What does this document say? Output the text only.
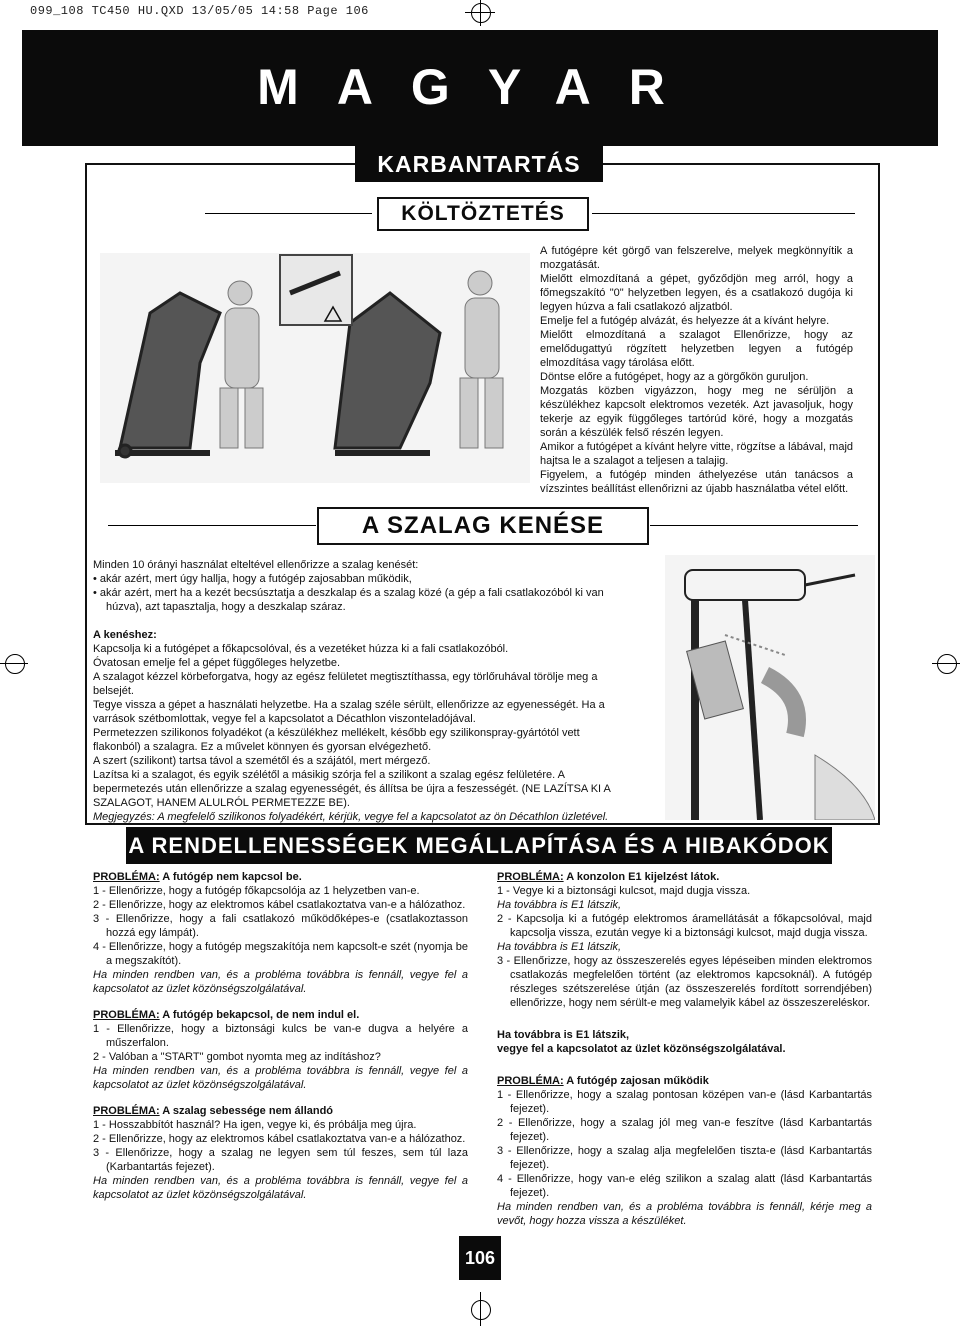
099_108 TC450 HU.QXD 13/05/05 14:58 Page 106
MAGYAR
KARBANTARTÁS
KÖLTÖZTETÉS

A futógépre két görgő van felszerelve, melyek megkönnyítik a mozgatását.

Mielőtt elmozdítaná a gépet, győződjön meg arról, hogy a főmegszakító "0" helyzetben legyen, és a csatlakozó dugója ki legyen húzva a fali csatlakozó aljzatból.

Emelje fel a futógép alvázát, és helyezze át a kívánt helyre.

Mielőtt elmozdítaná a szalagot Ellenőrizze, hogy az emelődugattyú rögzített helyzetben legyen a futógép elmozdítása vagy tárolása előtt.

Döntse előre a futógépet, hogy az a görgőkön guruljon.

Mozgatás közben vigyázzon, hogy meg ne sérüljön a készülékhez kapcsolt elektromos vezeték. Azt javasoljuk, hogy tekerje az egyik függőleges tartórúd köré, hogy a mozgatás során a készülék felső részén legyen.

Amikor a futógépet a kívánt helyre vitte, rögzítse a lábával, majd hajtsa le a szalagot a teljesen a talajig.

Figyelem, a futógép minden áthelyezése után tanácsos a vízszintes beállítást ellenőrizni az újabb használatba vétel előtt.

A SZALAG KENÉSE

Minden 10 órányi használat elteltével ellenőrizze a szalag kenését:

• akár azért, mert úgy hallja, hogy a futógép zajosabban működik,

• akár azért, mert ha a kezét becsúsztatja a deszkalap és a szalag közé (a gép a fali csatlakozóból ki van húzva), azt tapasztalja, hogy a deszkalap száraz.

A kenéshez:

Kapcsolja ki a futógépet a főkapcsolóval, és a vezetéket húzza ki a fali csatlakozóból.

Óvatosan emelje fel a gépet függőleges helyzetbe.

A szalagot kézzel körbeforgatva, hogy az egész felületet megtisztíthassa, egy törlőruhával törölje meg a belsejét.

Tegye vissza a gépet a használati helyzetbe. Ha a szalag széle sérült, ellenőrizze az egyenességét. Ha a varrások szétbomlottak, vegye fel a kapcsolatot a Décathlon viszonteladójával.

Permetezzen szilikonos folyadékot (a készülékhez mellékelt, később egy szilikonspray-gyártótól vett flakonból) a szalagra. Ez a művelet könnyen és gyorsan elvégezhető.

A szert (szilikont) tartsa távol a szemétől és a szájától, mert mérgező.

Lazítsa ki a szalagot, és egyik szélétől a másikig szórja fel a szilikont a szalag egész felületére. A bepermetezés után ellenőrizze a szalag egyenességét, és állítsa be újra a feszességét. (NE LAZÍTSA KI A SZALAGOT, HANEM ALULRÓL PERMETEZZE BE).

Megjegyzés: A megfelelő szilikonos folyadékért, kérjük, vegye fel a kapcsolatot az ön Décathlon üzletével.

A RENDELLENESSÉGEK MEGÁLLAPÍTÁSA ÉS A HIBAKÓDOK

PROBLÉMA: A futógép nem kapcsol be.

1 - Ellenőrizze, hogy a futógép főkapcsolója az 1 helyzetben van-e.

2 - Ellenőrizze, hogy az elektromos kábel csatlakoztatva van-e a hálózathoz.

3 - Ellenőrizze, hogy a fali csatlakozó működőképes-e (csatlakoztasson hozzá egy lámpát).

4 - Ellenőrizze, hogy a futógép megszakítója nem kapcsolt-e szét (nyomja be a megszakítót).

Ha minden rendben van, és a probléma továbbra is fennáll, vegye fel a kapcsolatot az üzlet közönségszolgálatával.

PROBLÉMA: A futógép bekapcsol, de nem indul el.

1 - Ellenőrizze, hogy a biztonsági kulcs be van-e dugva a helyére a műszerfalon.

2 - Valóban a "START" gombot nyomta meg az indításhoz?

Ha minden rendben van, és a probléma továbbra is fennáll, vegye fel a kapcsolatot az üzlet közönségszolgálatával.

PROBLÉMA: A szalag sebessége nem állandó

1 - Hosszabbítót használ? Ha igen, vegye ki, és próbálja meg újra.

2 - Ellenőrizze, hogy az elektromos kábel csatlakoztatva van-e a hálózathoz.

3 - Ellenőrizze, hogy a szalag ne legyen sem túl feszes, sem túl laza (Karbantartás fejezet).

Ha minden rendben van, és a probléma továbbra is fennáll, vegye fel a kapcsolatot az üzlet közönségszolgálatával.

PROBLÉMA: A konzolon E1 kijelzést látok.

1 - Vegye ki a biztonsági kulcsot, majd dugja vissza.

Ha továbbra is E1 látszik,

2 - Kapcsolja ki a futógép elektromos áramellátását a főkapcsolóval, majd kapcsolja vissza, ezután vegye ki a biztonsági kulcsot, majd dugja vissza.

Ha továbbra is E1 látszik,

3 - Ellenőrizze, hogy az összeszerelés egyes lépéseiben minden elektromos csatlakozás megfelelően történt (az elektromos kapcsoknál). A futógép részleges szétszerelése útján (az összeszerelés fordított sorrendjében) ellenőrizze, hogy nem sérült-e meg valamelyik kábel az összeszereléskor.

Ha továbbra is E1 látszik,

vegye fel a kapcsolatot az üzlet közönségszolgálatával.

PROBLÉMA: A futógép zajosan működik

1 - Ellenőrizze, hogy a szalag pontosan középen van-e (lásd Karbantartás fejezet).

2 - Ellenőrizze, hogy a szalag jól meg van-e feszítve (lásd Karbantartás fejezet).

3 - Ellenőrizze, hogy a szalag alja megfelelően tiszta-e (lásd Karbantartás fejezet).

4 - Ellenőrizze, hogy van-e elég szilikon a szalag alatt (lásd Karbantartás fejezet).

Ha minden rendben van, és a probléma továbbra is fennáll, kérje meg a vevőt, hogy hozza vissza a készüléket.

106
